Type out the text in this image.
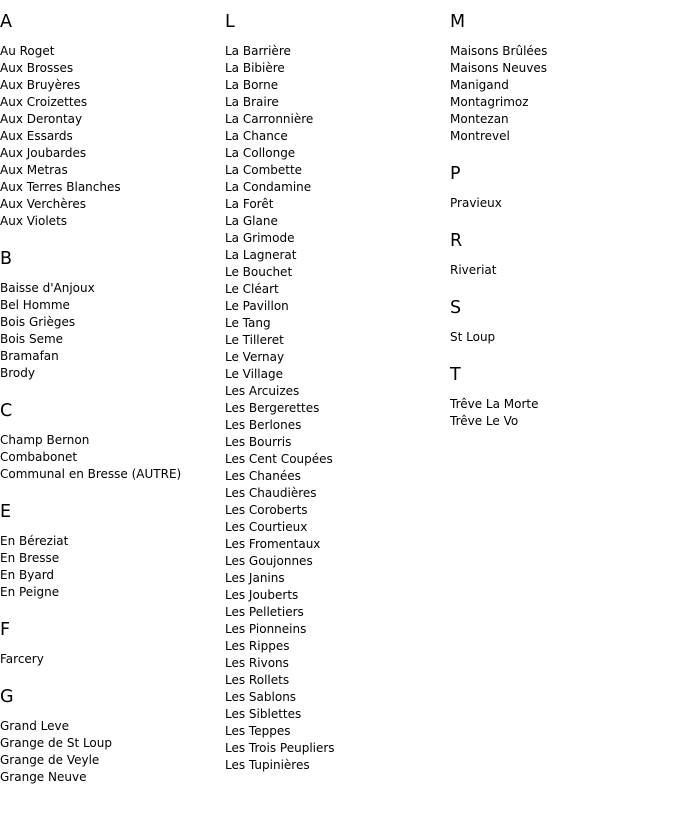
A
Au Roget
Aux Brosses
Aux Bruyères
Aux Croizettes
Aux Derontay
Aux Essards
Aux Joubardes
Aux Metras
Aux Terres Blanches
Aux Verchères
Aux Violets
B
Baisse d'Anjoux
Bel Homme
Bois Grièges
Bois Seme
Bramafan
Brody
C
Champ Bernon
Combabonet
Communal en Bresse (AUTRE)
E
En Béreziat
En Bresse
En Byard
En Peigne
F
Farcery
G
Grand Leve
Grange de St Loup
Grange de Veyle
Grange Neuve
L
La Barrière
La Bibière
La Borne
La Braire
La Carronnière
La Chance
La Collonge
La Combette
La Condamine
La Forêt
La Glane
La Grimode
La Lagnerat
Le Bouchet
Le Cléart
Le Pavillon
Le Tang
Le Tilleret
Le Vernay
Le Village
Les Arcuizes
Les Bergerettes
Les Berlones
Les Bourris
Les Cent Coupées
Les Chanées
Les Chaudières
Les Coroberts
Les Courtieux
Les Fromentaux
Les Goujonnes
Les Janins
Les Jouberts
Les Pelletiers
Les Pionneins
Les Rippes
Les Rivons
Les Rollets
Les Sablons
Les Siblettes
Les Teppes
Les Trois Peupliers
Les Tupinières
M
Maisons Brûlées
Maisons Neuves
Manigand
Montagrimoz
Montezan
Montrevel
P
Pravieux
R
Riveriat
S
St Loup
T
Trêve La Morte
Trêve Le Vo
